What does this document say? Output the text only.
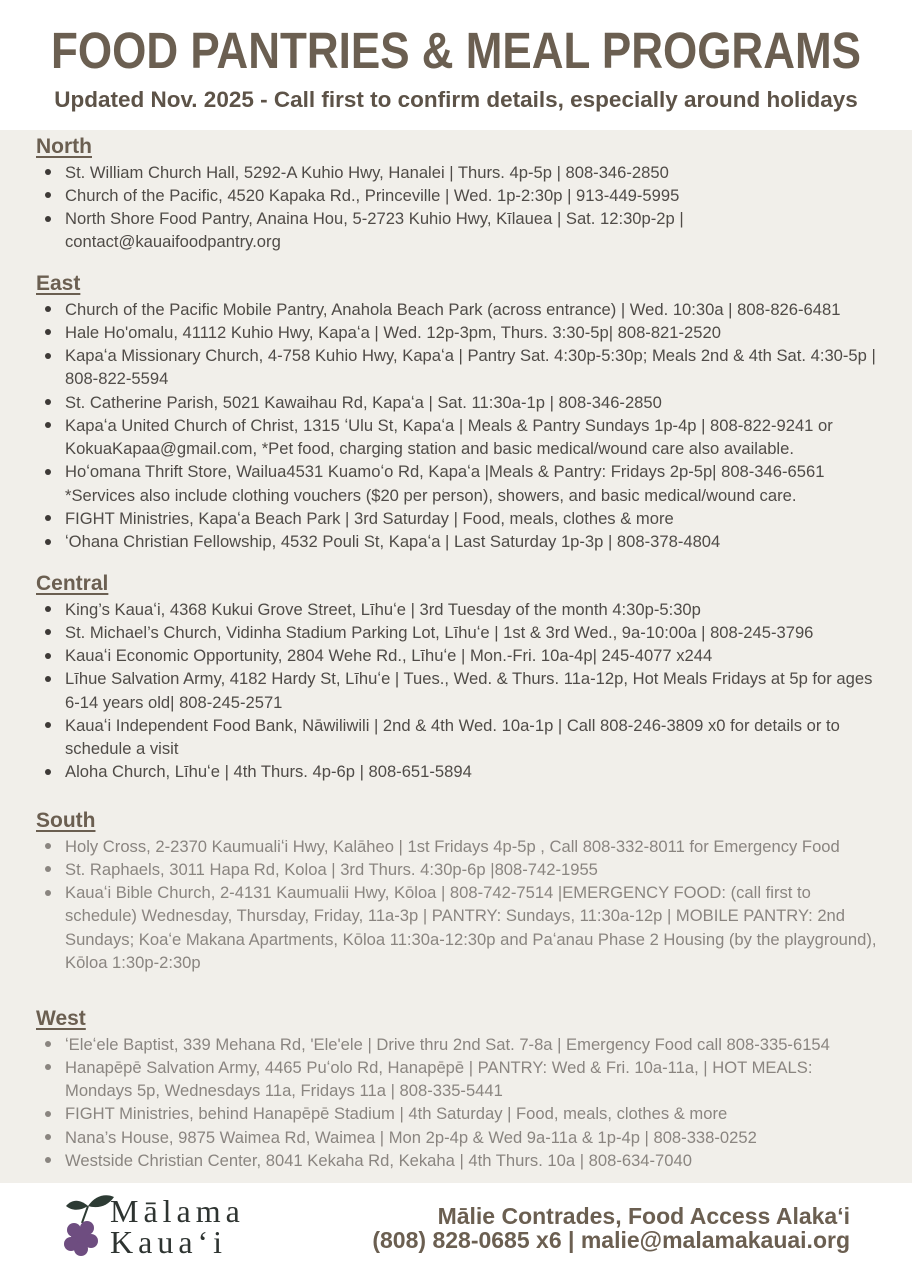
FOOD PANTRIES & MEAL PROGRAMS
Updated Nov. 2025 - Call first to confirm details, especially around holidays
North
St. William Church Hall, 5292-A Kuhio Hwy, Hanalei | Thurs. 4p-5p | 808-346-2850
Church of the Pacific, 4520 Kapaka Rd., Princeville | Wed. 1p-2:30p | 913-449-5995
North Shore Food Pantry, Anaina Hou, 5-2723 Kuhio Hwy, Kīlauea | Sat. 12:30p-2p | contact@kauaifoodpantry.org
East
Church of the Pacific Mobile Pantry, Anahola Beach Park (across entrance) | Wed. 10:30a | 808-826-6481
Hale Ho'omalu, 41112 Kuhio Hwy, Kapaʻa | Wed. 12p-3pm, Thurs. 3:30-5p| 808-821-2520
Kapaʻa Missionary Church, 4-758 Kuhio Hwy, Kapaʻa | Pantry Sat. 4:30p-5:30p; Meals 2nd & 4th Sat. 4:30-5p | 808-822-5594
St. Catherine Parish, 5021 Kawaihau Rd, Kapaʻa | Sat. 11:30a-1p | 808-346-2850
Kapaʻa United Church of Christ, 1315 ʻUlu St, Kapaʻa | Meals & Pantry Sundays 1p-4p | 808-822-9241 or KokuaKapaa@gmail.com, *Pet food, charging station and basic medical/wound care also available.
Hoʻomana Thrift Store, Wailua4531 Kuamoʻo Rd, Kapaʻa |Meals & Pantry: Fridays 2p-5p| 808-346-6561 *Services also include clothing vouchers ($20 per person), showers, and basic medical/wound care.
FIGHT Ministries, Kapaʻa Beach Park | 3rd Saturday | Food, meals, clothes & more
ʻOhana Christian Fellowship, 4532 Pouli St, Kapaʻa | Last Saturday 1p-3p | 808-378-4804
Central
King’s Kauaʻi, 4368 Kukui Grove Street, Līhuʻe | 3rd Tuesday of the month 4:30p-5:30p
St. Michael’s Church, Vidinha Stadium Parking Lot, Līhuʻe | 1st & 3rd Wed., 9a-10:00a | 808-245-3796
Kauaʻi Economic Opportunity, 2804 Wehe Rd., Līhuʻe | Mon.-Fri. 10a-4p| 245-4077 x244
Līhue Salvation Army, 4182 Hardy St, Līhuʻe | Tues., Wed. & Thurs. 11a-12p, Hot Meals Fridays at 5p for ages 6-14 years old| 808-245-2571
Kauaʻi Independent Food Bank, Nāwiliwili | 2nd & 4th Wed. 10a-1p | Call 808-246-3809 x0 for details or to schedule a visit
Aloha Church, Līhuʻe | 4th Thurs. 4p-6p | 808-651-5894
South
Holy Cross, 2-2370 Kaumualiʻi Hwy, Kalāheo | 1st Fridays 4p-5p , Call 808-332-8011 for Emergency Food
St. Raphaels, 3011 Hapa Rd, Koloa | 3rd Thurs. 4:30p-6p |808-742-1955
Kauaʻi Bible Church, 2-4131 Kaumualii Hwy, Kōloa | 808-742-7514 |EMERGENCY FOOD: (call first to schedule) Wednesday, Thursday, Friday, 11a-3p | PANTRY: Sundays, 11:30a-12p | MOBILE PANTRY: 2nd Sundays; Koaʻe Makana Apartments, Kōloa 11:30a-12:30p and Paʻanau Phase 2 Housing (by the playground), Kōloa 1:30p-2:30p
West
ʻEleʻele Baptist, 339 Mehana Rd, 'Ele'ele | Drive thru 2nd Sat. 7-8a | Emergency Food call 808-335-6154
Hanapēpē Salvation Army, 4465 Puʻolo Rd, Hanapēpē | PANTRY: Wed & Fri. 10a-11a, | HOT MEALS: Mondays 5p, Wednesdays 11a, Fridays 11a | 808-335-5441
FIGHT Ministries, behind Hanapēpē Stadium | 4th Saturday | Food, meals, clothes & more
Nana’s House, 9875 Waimea Rd, Waimea | Mon 2p-4p & Wed 9a-11a & 1p-4p | 808-338-0252
Westside Christian Center, 8041 Kekaha Rd, Kekaha | 4th Thurs. 10a | 808-634-7040
Mālama
Kauaʻi
Mālie Contrades, Food Access Alakaʻi
(808) 828-0685 x6 | malie@malamakauai.org
